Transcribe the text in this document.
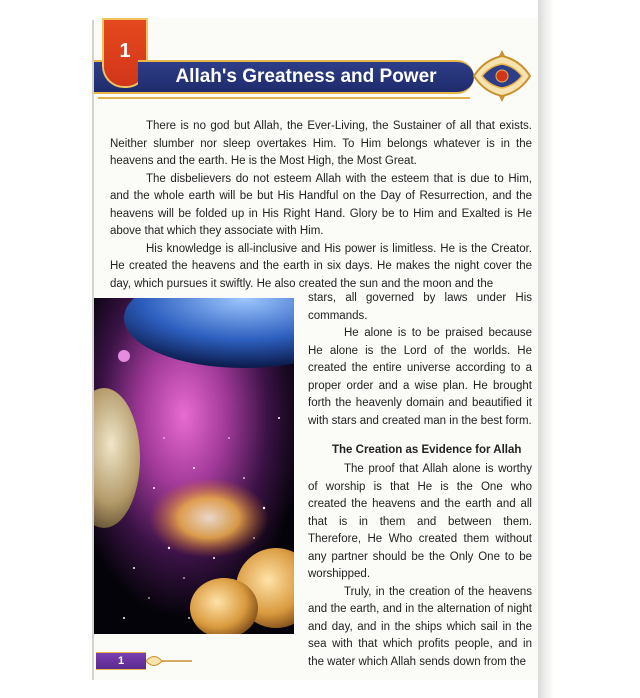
1
Allah's Greatness and Power

There is no god but Allah, the Ever-Living, the Sustainer of all that exists. Neither slumber nor sleep overtakes Him. To Him belongs whatever is in the heavens and the earth. He is the Most High, the Most Great.

The disbelievers do not esteem Allah with the esteem that is due to Him, and the whole earth will be but His Handful on the Day of Resurrection, and the heavens will be folded up in His Right Hand. Glory be to Him and Exalted is He above that which they associate with Him.

His knowledge is all-inclusive and His power is limitless. He is the Creator. He created the heavens and the earth in six days. He makes the night cover the day, which pursues it swiftly. He also created the sun and the moon and the

stars, all governed by laws under His commands.

He alone is to be praised because He alone is the Lord of the worlds. He created the entire universe according to a proper order and a wise plan. He brought forth the heavenly domain and beautified it with stars and created man in the best form.

The Creation as Evidence for Allah

The proof that Allah alone is worthy of worship is that He is the One who created the heavens and the earth and all that is in them and between them. Therefore, He Who created them without any partner should be the Only One to be worshipped.

Truly, in the creation of the heavens and the earth, and in the alternation of night and day, and in the ships which sail in the sea with that which profits people, and in the water which Allah sends down from the

1
